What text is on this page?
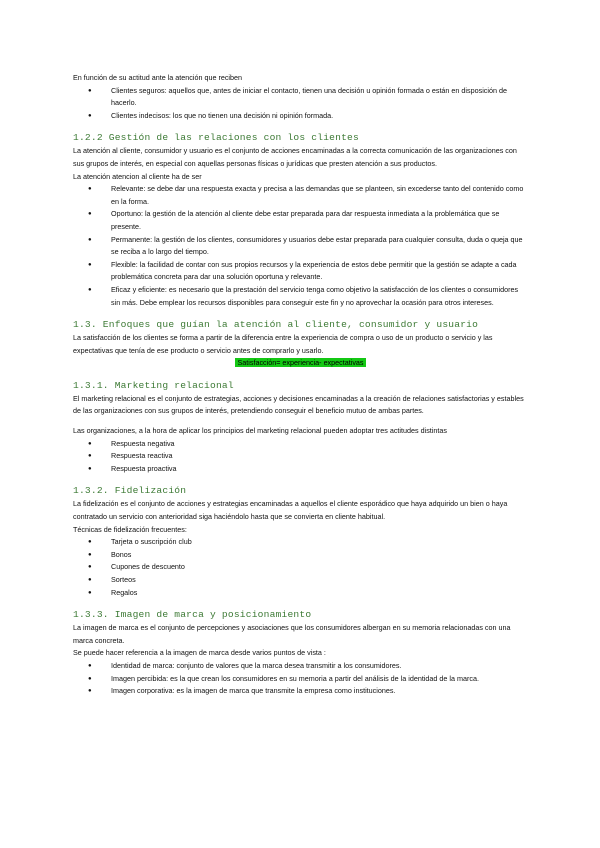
En función de su actitud ante la atención que reciben

● Clientes seguros: aquellos que, antes de iniciar el contacto, tienen una decisión u opinión formada o están en disposición de hacerlo.
● Clientes indecisos: los que no tienen una decisión ni opinión formada.
1.2.2 Gestión de las relaciones con los clientes

La atención al cliente, consumidor y usuario es el conjunto de acciones encaminadas a la correcta comunicación de las organizaciones con sus grupos de interés, en especial con aquellas personas físicas o jurídicas que presten atención a sus productos.

La atención atencion al cliente ha de ser

● Relevante: se debe dar una respuesta exacta y precisa a las demandas que se planteen, sin excederse tanto del contenido como en la forma.
● Oportuno: la gestión de la atención al cliente debe estar preparada para dar respuesta inmediata a la problemática que se presente.
● Permanente: la gestión de los clientes, consumidores y usuarios debe estar preparada para cualquier consulta, duda o queja que se reciba a lo largo del tiempo.
● Flexible: la facilidad de contar con sus propios recursos y la experiencia de estos debe permitir que la gestión se adapte a cada problemática concreta para dar una solución oportuna y relevante.
● Eficaz y eficiente: es necesario que la prestación del servicio tenga como objetivo la satisfacción de los clientes o consumidores sin más. Debe emplear los recursos disponibles para conseguir este fin y no aprovechar la ocasión para otros intereses.
1.3. Enfoques que guían la atención al cliente, consumidor y usuario

La satisfacción de los clientes se forma a partir de la diferencia entre la experiencia de compra o uso de un producto o servicio y las expectativas que tenía de ese producto o servicio antes de comprarlo y usarlo.

Satisfacción= experiencia- expectativas

1.3.1. Marketing relacional

El marketing relacional es el conjunto de estrategias, acciones y decisiones encaminadas a la creación de relaciones satisfactorias y estables de las organizaciones con sus grupos de interés, pretendiendo conseguir el beneficio mutuo de ambas partes.

Las organizaciones, a la hora de aplicar los principios del marketing relacional pueden adoptar tres actitudes distintas

● Respuesta negativa
● Respuesta reactiva
● Respuesta proactiva
1.3.2. Fidelización

La fidelización es el conjunto de acciones y estrategias encaminadas a aquellos el cliente esporádico que haya adquirido un bien o haya contratado un servicio con anterioridad siga haciéndolo hasta que se convierta en cliente habitual.

Técnicas de fidelización frecuentes:

● Tarjeta o suscripción club
● Bonos
● Cupones de descuento
● Sorteos
● Regalos
1.3.3. Imagen de marca y posicionamiento

La imagen de marca es el conjunto de percepciones y asociaciones que los consumidores albergan en su memoria relacionadas con una marca concreta.

Se puede hacer referencia a la imagen de marca desde varios puntos de vista :

● Identidad de marca: conjunto de valores que la marca desea transmitir a los consumidores.
● Imagen percibida: es la que crean los consumidores en su memoria a partir del análisis de la identidad de la marca.
● Imagen corporativa: es la imagen de marca que transmite la empresa como instituciones.
